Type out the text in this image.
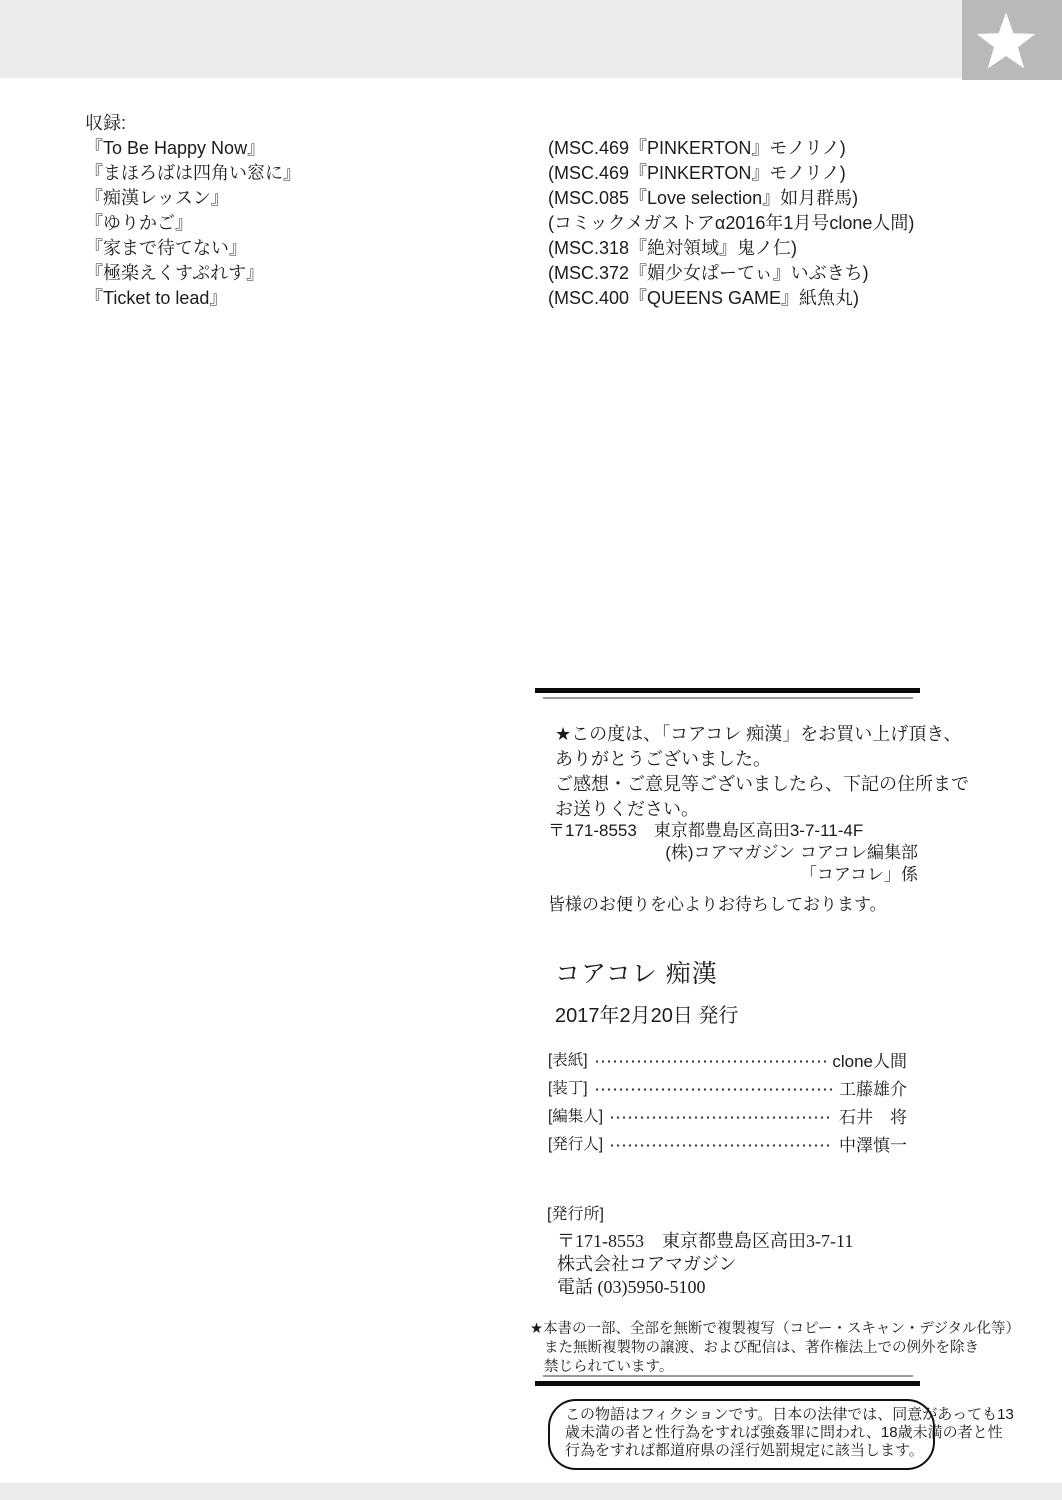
収録:
『To Be Happy Now』	(MSC.469『PINKERTON』モノリノ)
『まほろばは四角い窓に』	(MSC.469『PINKERTON』モノリノ)
『痴漢レッスン』	(MSC.085『Love selection』如月群馬)
『ゆりかご』	(コミックメガストアα2016年1月号clone人間)
『家まで待てない』	(MSC.318『絶対領域』鬼ノ仁)
『極楽えくすぷれす』	(MSC.372『媚少女ぱーてぃ』いぶきち)
『Ticket to lead』	(MSC.400『QUEENS GAME』紙魚丸)
★この度は、「コアコレ 痴漢」をお買い上げ頂き、
ありがとうございました。
ご感想・ご意見等ございましたら、下記の住所まで
お送りください。
〒171-8553　東京都豊島区高田3-7-11-4F
(株)コアマガジン コアコレ編集部
「コアコレ」係
皆様のお便りを心よりお待ちしております。
コアコレ 痴漢
2017年2月20日 発行
[表紙]	clone人間
[装丁]	工藤雄介
[編集人]	石井　将
[発行人]	中澤慎一
[発行所]
〒171-8553　東京都豊島区高田3-7-11
株式会社コアマガジン
電話 (03)5950-5100
★本書の一部、全部を無断で複製複写（コピー・スキャン・デジタル化等）
また無断複製物の譲渡、および配信は、著作権法上での例外を除き
禁じられています。
この物語はフィクションです。日本の法律では、同意があっても13
歳未満の者と性行為をすれば強姦罪に問われ、18歳未満の者と性
行為をすれば都道府県の淫行処罰規定に該当します。
